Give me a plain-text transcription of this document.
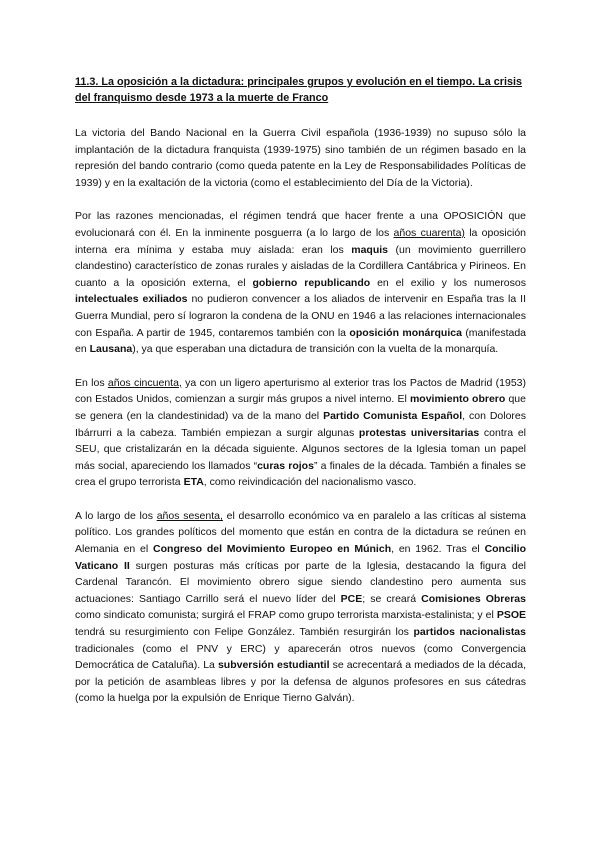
11.3. La oposición a la dictadura: principales grupos y evolución en el tiempo. La crisis del franquismo desde 1973 a la muerte de Franco

La victoria del Bando Nacional en la Guerra Civil española (1936-1939) no supuso sólo la implantación de la dictadura franquista (1939-1975) sino también de un régimen basado en la represión del bando contrario (como queda patente en la Ley de Responsabilidades Políticas de 1939) y en la exaltación de la victoria (como el establecimiento del Día de la Victoria).

Por las razones mencionadas, el régimen tendrá que hacer frente a una OPOSICIÓN que evolucionará con él. En la inminente posguerra (a lo largo de los años cuarenta) la oposición interna era mínima y estaba muy aislada: eran los maquis (un movimiento guerrillero clandestino) característico de zonas rurales y aisladas de la Cordillera Cantábrica y Pirineos. En cuanto a la oposición externa, el gobierno republicando en el exilio y los numerosos intelectuales exiliados no pudieron convencer a los aliados de intervenir en España tras la II Guerra Mundial, pero sí lograron la condena de la ONU en 1946 a las relaciones internacionales con España. A partir de 1945, contaremos también con la oposición monárquica (manifestada en Lausana), ya que esperaban una dictadura de transición con la vuelta de la monarquía.

En los años cincuenta, ya con un ligero aperturismo al exterior tras los Pactos de Madrid (1953) con Estados Unidos, comienzan a surgir más grupos a nivel interno. El movimiento obrero que se genera (en la clandestinidad) va de la mano del Partido Comunista Español, con Dolores Ibárrurri a la cabeza. También empiezan a surgir algunas protestas universitarias contra el SEU, que cristalizarán en la década siguiente. Algunos sectores de la Iglesia toman un papel más social, apareciendo los llamados “curas rojos” a finales de la década. También a finales se crea el grupo terrorista ETA, como reivindicación del nacionalismo vasco.

A lo largo de los años sesenta, el desarrollo económico va en paralelo a las críticas al sistema político. Los grandes políticos del momento que están en contra de la dictadura se reúnen en Alemania en el Congreso del Movimiento Europeo en Múnich, en 1962. Tras el Concilio Vaticano II surgen posturas más críticas por parte de la Iglesia, destacando la figura del Cardenal Tarancón. El movimiento obrero sigue siendo clandestino pero aumenta sus actuaciones: Santiago Carrillo será el nuevo líder del PCE; se creará Comisiones Obreras como sindicato comunista; surgirá el FRAP como grupo terrorista marxista-estalinista; y el PSOE tendrá su resurgimiento con Felipe González. También resurgirán los partidos nacionalistas tradicionales (como el PNV y ERC) y aparecerán otros nuevos (como Convergencia Democrática de Cataluña). La subversión estudiantil se acrecentará a mediados de la década, por la petición de asambleas libres y por la defensa de algunos profesores en sus cátedras (como la huelga por la expulsión de Enrique Tierno Galván).
